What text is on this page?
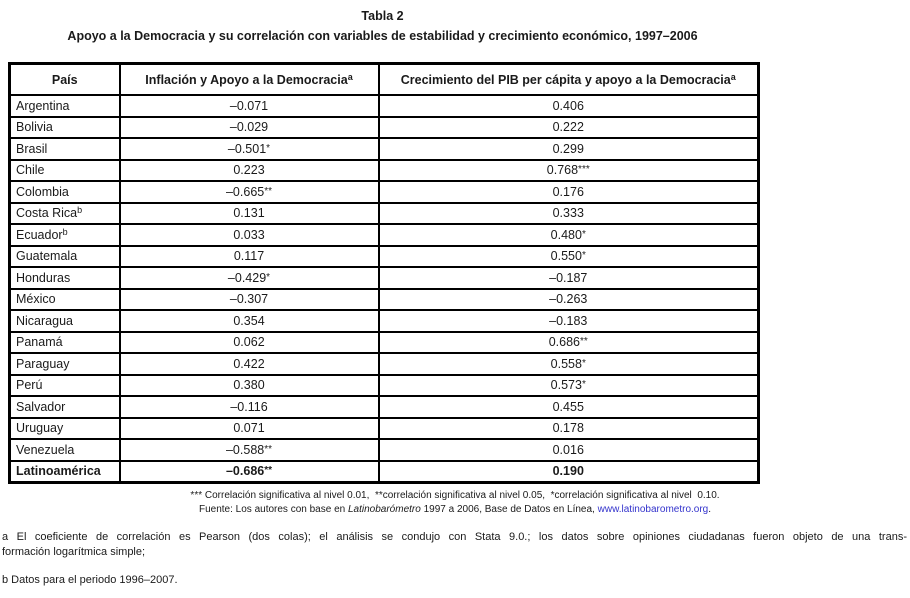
Tabla 2
Apoyo a la Democracia y su correlación con variables de estabilidad y crecimiento económico, 1997–2006
País	Inflación y Apoyo a la Democracia$^a$	Crecimiento del PIB per cápita y apoyo a la Democracia$^a$
Argentina	–0.071	0.406
Bolivia	–0.029	0.222
Brasil	–0.501*	0.299
Chile	0.223	0.768***
Colombia	–0.665**	0.176
Costa Rica$^b$	0.131	0.333
Ecuador$^b$	0.033	0.480*
Guatemala	0.117	0.550*
Honduras	–0.429*	–0.187
México	–0.307	–0.263
Nicaragua	0.354	–0.183
Panamá	0.062	0.686**
Paraguay	0.422	0.558*
Perú	0.380	0.573*
Salvador	–0.116	0.455
Uruguay	0.071	0.178
Venezuela	–0.588**	0.016
Latinoamérica	–0.686**	0.190
*** Correlación significativa al nivel 0.01,  **correlación significativa al nivel 0.05,  *correlación significativa al nivel  0.10.
Fuente: Los autores con base en Latinobarómetro 1997 a 2006, Base de Datos en Línea, www.latinobarometro.org.
a El coeficiente de correlación es Pearson (dos colas); el análisis se condujo con Stata 9.0.; los datos sobre opiniones ciudadanas fueron objeto de una trans-
formación logarítmica simple;
b Datos para el periodo 1996–2007.
